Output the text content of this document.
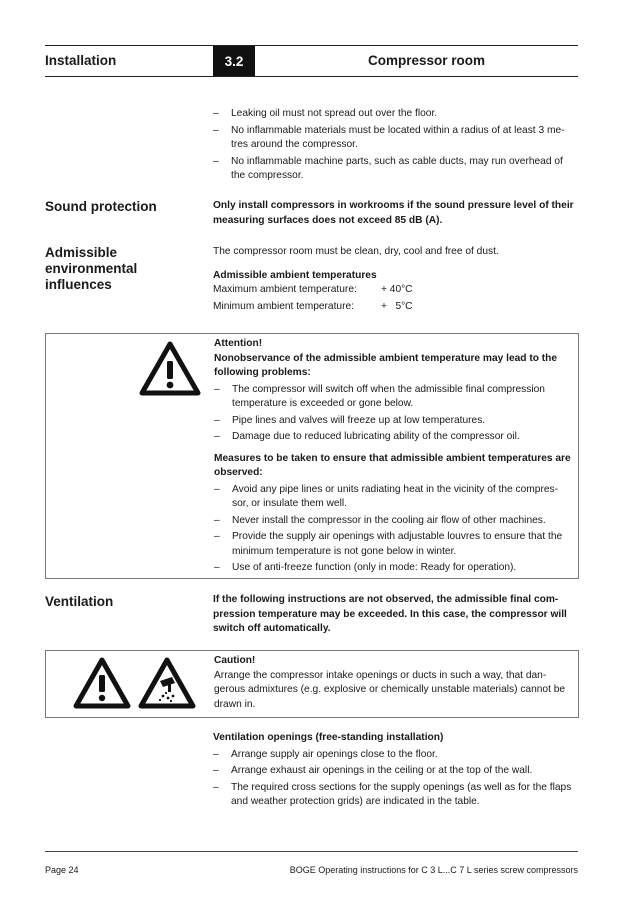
Installation	3.2	Compressor room
– Leaking oil must not spread out over the floor.
– No inflammable materials must be located within a radius of at least 3 me-tres around the compressor.
– No inflammable machine parts, such as cable ducts, may run overhead of the compressor.
Sound protection	Only install compressors in workrooms if the sound pressure level of their measuring surfaces does not exceed 85 dB (A).
Admissible environmental influences

The compressor room must be clean, dry, cool and free of dust.

Admissible ambient temperatures

Maximum ambient temperature:	+ 40°C
Minimum ambient temperature:	+   5°C

Attention!

Nonobservance of the admissible ambient temperature may lead to the following problems:

– The compressor will switch off when the admissible final compression temperature is exceeded or gone below.
– Pipe lines and valves will freeze up at low temperatures.
– Damage due to reduced lubricating ability of the compressor oil.

Measures to be taken to ensure that admissible ambient temperatures are observed:

– Avoid any pipe lines or units radiating heat in the vicinity of the compres-sor, or insulate them well.
– Never install the compressor in the cooling air flow of other machines.
– Provide the supply air openings with adjustable louvres to ensure that the minimum temperature is not gone below in winter.
– Use of anti-freeze function (only in mode: Ready for operation).
Ventilation	If the following instructions are not observed, the admissible final com-pression temperature may be exceeded. In this case, the compressor will switch off automatically.

Caution!

Arrange the compressor intake openings or ducts in such a way, that dan-gerous admixtures (e.g. explosive or chemically unstable materials) cannot be drawn in.

Ventilation openings (free-standing installation)

– Arrange supply air openings close to the floor.
– Arrange exhaust air openings in the ceiling or at the top of the wall.
– The required cross sections for the supply openings (as well as for the flaps and weather protection grids) are indicated in the table.
Page 24	BOGE Operating instructions for C 3 L...C 7 L series screw compressors
